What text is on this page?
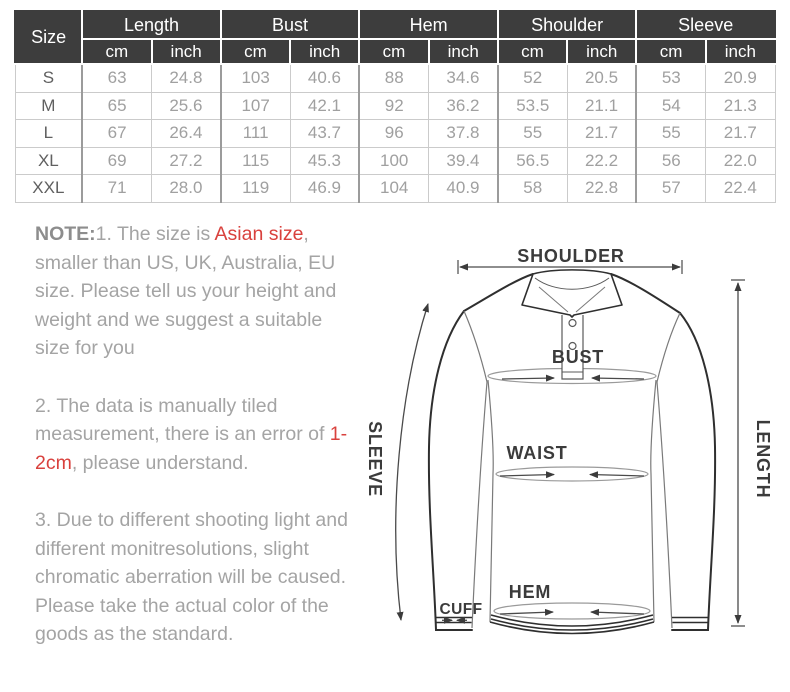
Size	Length		Bust		Hem		Shoulder		Sleeve	
	cm	inch	cm	inch	cm	inch	cm	inch	cm	inch
S	63	24.8	103	40.6	88	34.6	52	20.5	53	20.9
M	65	25.6	107	42.1	92	36.2	53.5	21.1	54	21.3
L	67	26.4	111	43.7	96	37.8	55	21.7	55	21.7
XL	69	27.2	115	45.3	100	39.4	56.5	22.2	56	22.0
XXL	71	28.0	119	46.9	104	40.9	58	22.8	57	22.4

NOTE:1. The size is Asian size, smaller than US, UK, Australia, EU size. Please tell us your height and weight and we suggest a suitable size for you

2. The data is manually tiled measurement, there is an error of 1-2cm, please understand.

3. Due to different shooting light and different monitresolutions, slight chromatic aberration will be caused. Please take the actual color of the goods as the standard.

SHOULDER
BUST
WAIST
HEM
CUFF
SLEEVE	LENGTH
